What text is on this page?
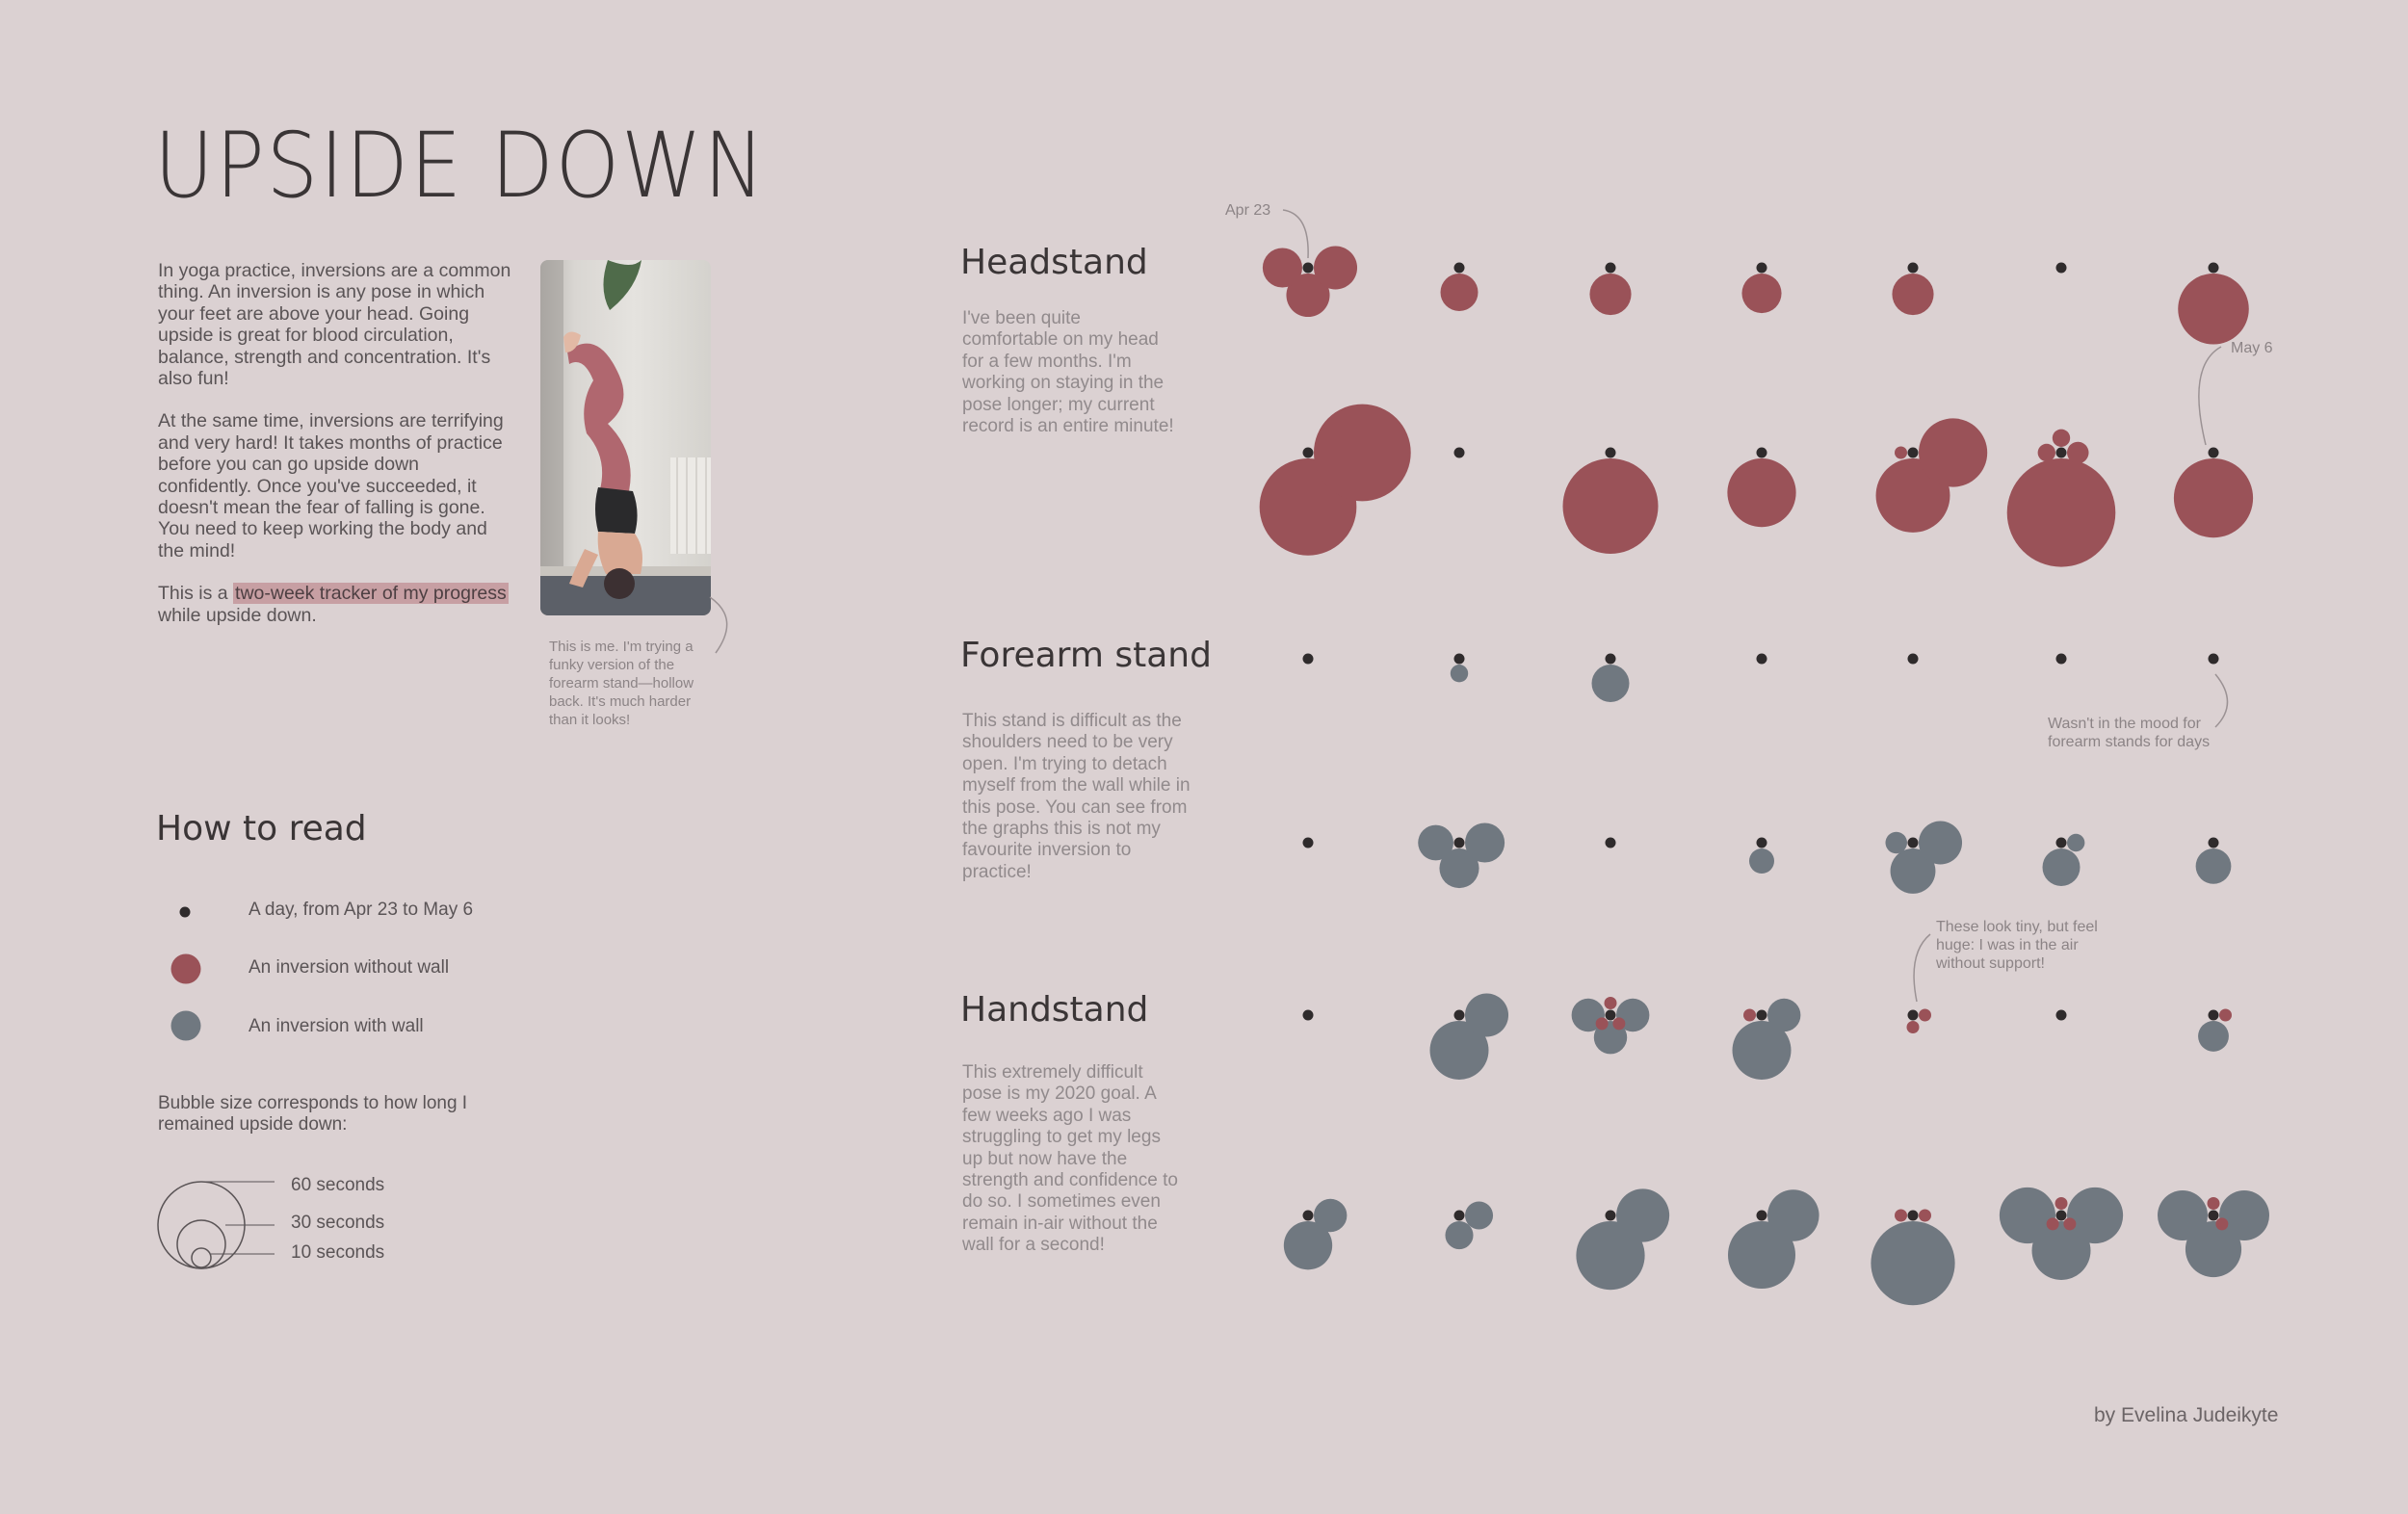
UPSIDE DOWN

In yoga practice, inversions are a common thing. An inversion is any pose in which your feet are above your head. Going upside is great for blood circulation, balance, strength and concentration. It's also fun!

At the same time, inversions are terrifying and very hard! It takes months of practice before you can go upside down confidently. Once you've succeeded, it doesn't mean the fear of falling is gone. You need to keep working the body and the mind!

This is a two-week tracker of my progress while upside down.

This is me. I'm trying a funky version of the forearm stand—hollow back. It's much harder than it looks!
How to read
A day, from Apr 23 to May 6
An inversion without wall
An inversion with wall
Bubble size corresponds to how long I remained upside down:
60 seconds
30 seconds
10 seconds
Headstand
I've been quite comfortable on my head for a few months. I'm working on staying in the pose longer; my current record is an entire minute!
Forearm stand
This stand is difficult as the shoulders need to be very open. I'm trying to detach myself from the wall while in this pose. You can see from the graphs this is not my favourite inversion to practice!
Handstand
This extremely difficult pose is my 2020 goal. A few weeks ago I was struggling to get my legs up but now have the strength and confidence to do so. I sometimes even remain in-air without the wall for a second!
Apr 23
May 6
Wasn't in the mood for forearm stands for days
These look tiny, but feel huge: I was in the air without support!
by Evelina Judeikyte
